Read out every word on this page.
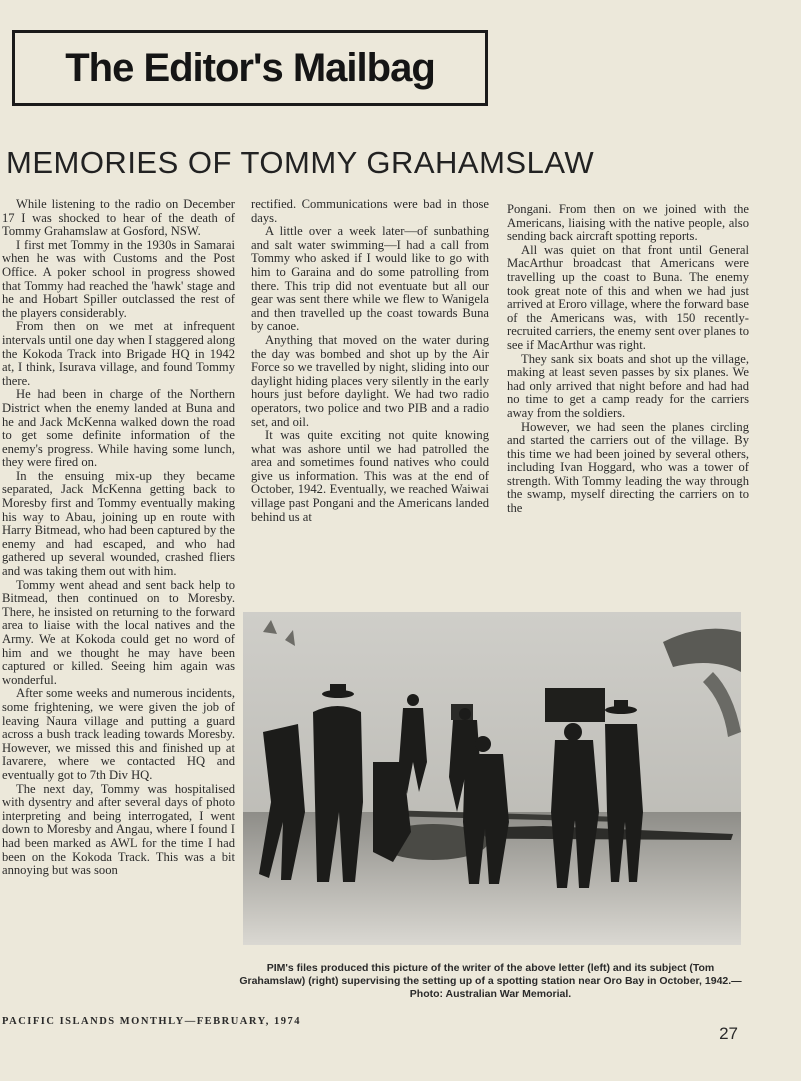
The Editor's Mailbag
MEMORIES OF TOMMY GRAHAMSLAW

While listening to the radio on December 17 I was shocked to hear of the death of Tommy Grahamslaw at Gosford, NSW.

I first met Tommy in the 1930s in Samarai when he was with Customs and the Post Office. A poker school in progress showed that Tommy had reached the 'hawk' stage and he and Hobart Spiller outclassed the rest of the players considerably.

From then on we met at infrequent intervals until one day when I staggered along the Kokoda Track into Brigade HQ in 1942 at, I think, Isurava village, and found Tommy there.

He had been in charge of the Northern District when the enemy landed at Buna and he and Jack McKenna walked down the road to get some definite information of the enemy's progress. While having some lunch, they were fired on.

In the ensuing mix-up they became separated, Jack McKenna getting back to Moresby first and Tommy eventually making his way to Abau, joining up en route with Harry Bitmead, who had been captured by the enemy and had escaped, and who had gathered up several wounded, crashed fliers and was taking them out with him.

Tommy went ahead and sent back help to Bitmead, then continued on to Moresby. There, he insisted on returning to the forward area to liaise with the local natives and the Army. We at Kokoda could get no word of him and we thought he may have been captured or killed. Seeing him again was wonderful.

After some weeks and numerous incidents, some frightening, we were given the job of leaving Naura village and putting a guard across a bush track leading towards Moresby. However, we missed this and finished up at Iavarere, where we contacted HQ and eventually got to 7th Div HQ.

The next day, Tommy was hospitalised with dysentry and after several days of photo interpreting and being interrogated, I went down to Moresby and Angau, where I found I had been marked as AWL for the time I had been on the Kokoda Track. This was a bit annoying but was soon

rectified. Communications were bad in those days.

A little over a week later—of sunbathing and salt water swimming—I had a call from Tommy who asked if I would like to go with him to Garaina and do some patrolling from there. This trip did not eventuate but all our gear was sent there while we flew to Wanigela and then travelled up the coast towards Buna by canoe.

Anything that moved on the water during the day was bombed and shot up by the Air Force so we travelled by night, sliding into our daylight hiding places very silently in the early hours just before daylight. We had two radio operators, two police and two PIB and a radio set, and oil.

It was quite exciting not quite knowing what was ashore until we had patrolled the area and sometimes found natives who could give us information. This was at the end of October, 1942. Eventually, we reached Waiwai village past Pongani and the Americans landed behind us at

Pongani. From then on we joined with the Americans, liaising with the native people, also sending back aircraft spotting reports.

All was quiet on that front until General MacArthur broadcast that Americans were travelling up the coast to Buna. The enemy took great note of this and when we had just arrived at Eroro village, where the forward base of the Americans was, with 150 recently-recruited carriers, the enemy sent over planes to see if MacArthur was right.

They sank six boats and shot up the village, making at least seven passes by six planes. We had only arrived that night before and had had no time to get a camp ready for the carriers away from the soldiers.

However, we had seen the planes circling and started the carriers out of the village. By this time we had been joined by several others, including Ivan Hoggard, who was a tower of strength. With Tommy leading the way through the swamp, myself directing the carriers on to the

PIM's files produced this picture of the writer of the above letter (left) and its subject (Tom Grahamslaw) (right) supervising the setting up of a spotting station near Oro Bay in October, 1942.—Photo: Australian War Memorial.
PACIFIC ISLANDS MONTHLY—FEBRUARY, 1974
27
